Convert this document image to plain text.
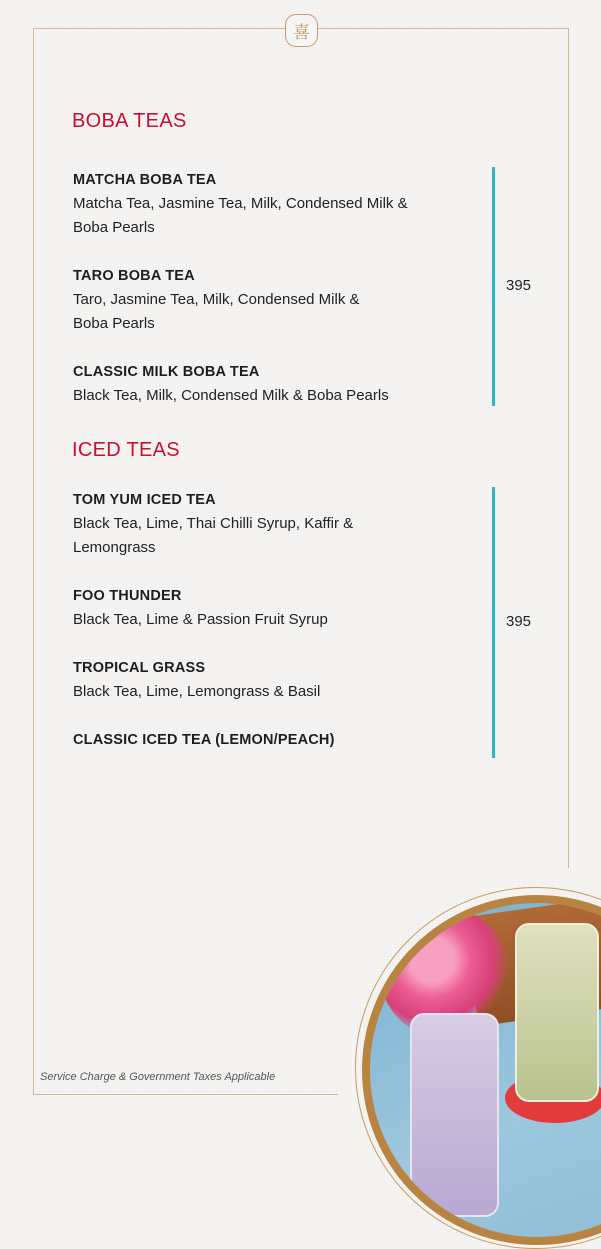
喜
BOBA TEAS
MATCHA BOBA TEA
Matcha Tea, Jasmine Tea, Milk, Condensed Milk &
Boba Pearls
TARO BOBA TEA
Taro, Jasmine Tea, Milk, Condensed Milk &
Boba Pearls
CLASSIC MILK BOBA TEA
Black Tea, Milk, Condensed Milk & Boba Pearls
395
ICED TEAS
TOM YUM ICED TEA
Black Tea, Lime, Thai Chilli Syrup, Kaffir &
Lemongrass
FOO THUNDER
Black Tea, Lime & Passion Fruit Syrup
TROPICAL GRASS
Black Tea, Lime, Lemongrass & Basil
CLASSIC ICED TEA (LEMON/PEACH)
395
Service Charge & Government Taxes Applicable
